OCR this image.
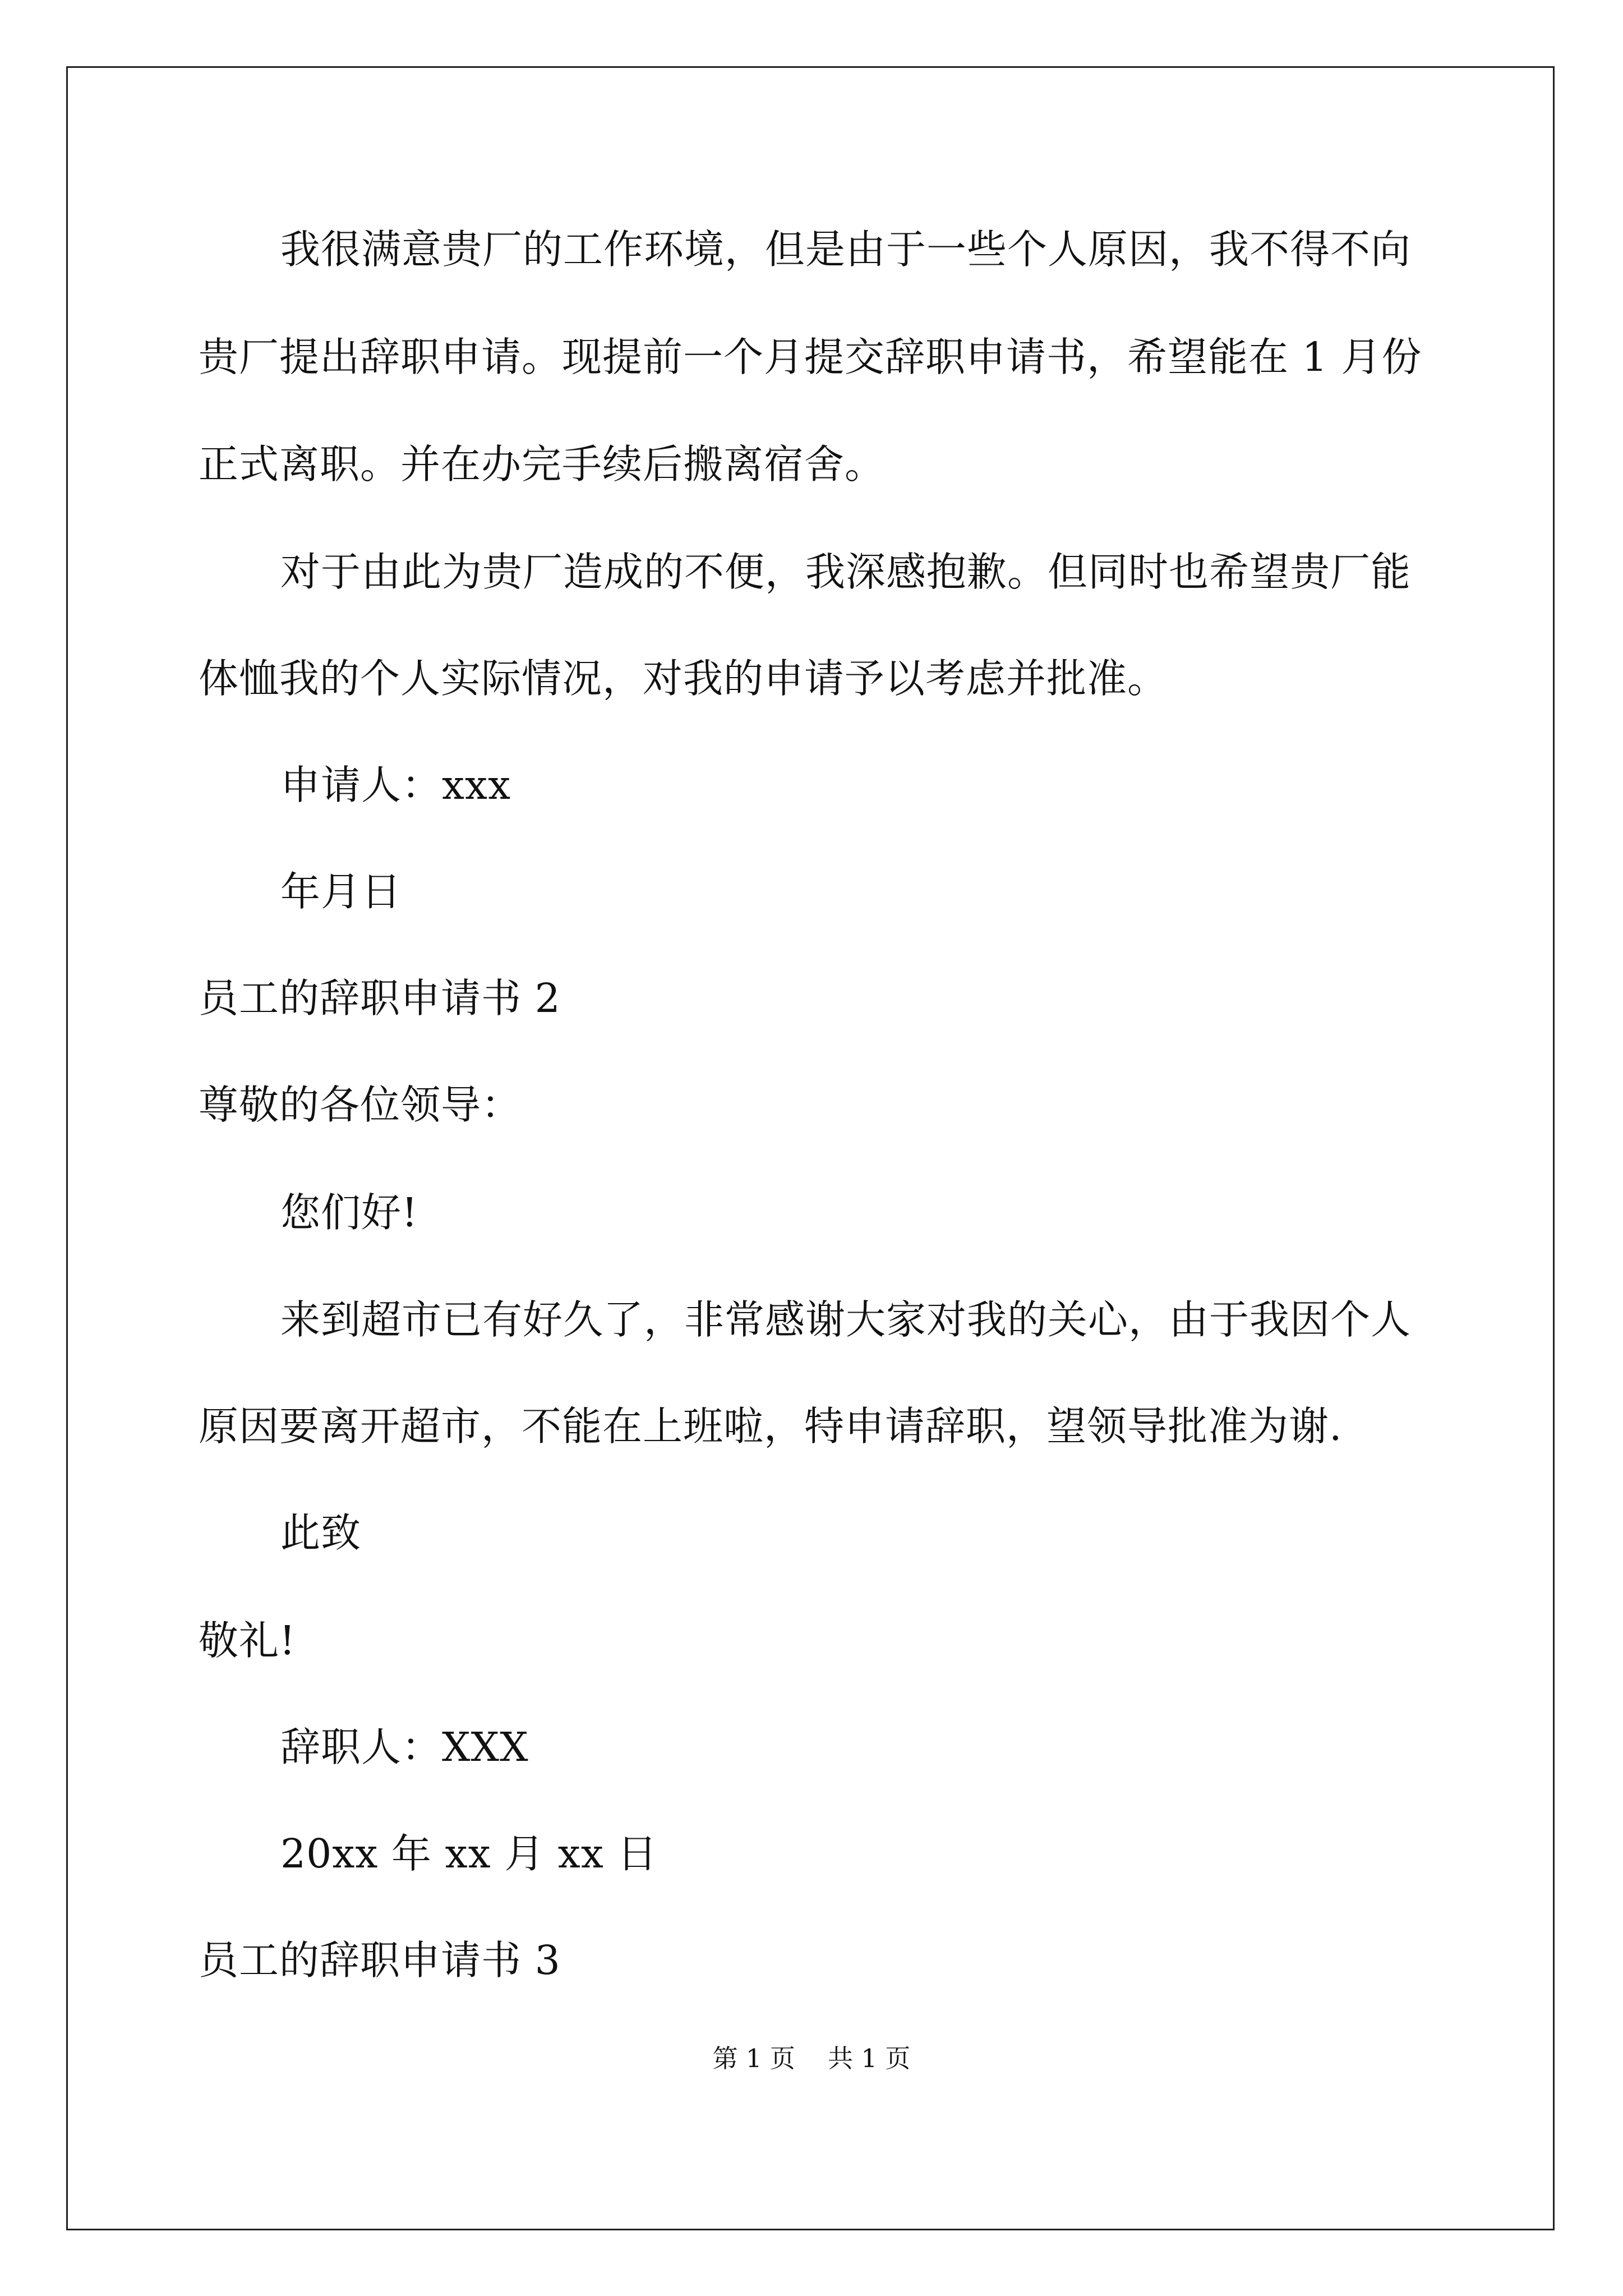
我很满意贵厂的工作环境，但是由于一些个人原因，我不得不向
贵厂提出辞职申请。现提前一个月提交辞职申请书，希望能在 1 月份
正式离职。并在办完手续后搬离宿舍。
对于由此为贵厂造成的不便，我深感抱歉。但同时也希望贵厂能
体恤我的个人实际情况，对我的申请予以考虑并批准。
申请人：xxx
年月日
员工的辞职申请书 2
尊敬的各位领导：
您们好!
来到超市已有好久了，非常感谢大家对我的关心，由于我因个人
原因要离开超市，不能在上班啦，特申请辞职，望领导批准为谢.
此致
敬礼!
辞职人：XXX
20xx 年 xx 月 xx 日
员工的辞职申请书 3
第 1 页 共 1 页
